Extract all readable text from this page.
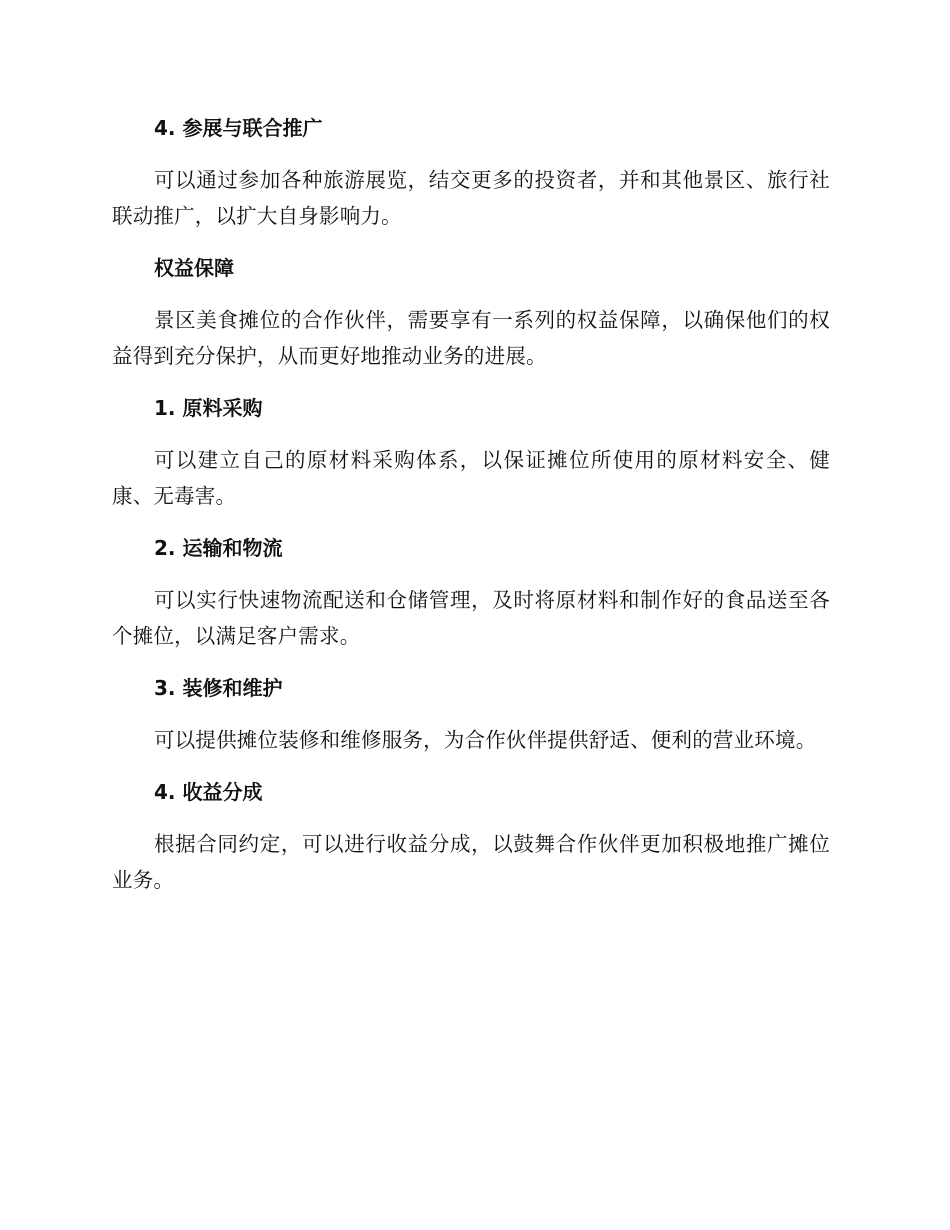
4. 参展与联合推广
可以通过参加各种旅游展览，结交更多的投资者，并和其他景区、旅行社联动推广，以扩大自身影响力。
权益保障
景区美食摊位的合作伙伴，需要享有一系列的权益保障，以确保他们的权益得到充分保护，从而更好地推动业务的进展。
1. 原料采购
可以建立自己的原材料采购体系，以保证摊位所使用的原材料安全、健康、无毒害。
2. 运输和物流
可以实行快速物流配送和仓储管理，及时将原材料和制作好的食品送至各个摊位，以满足客户需求。
3. 装修和维护
可以提供摊位装修和维修服务，为合作伙伴提供舒适、便利的营业环境。
4. 收益分成
根据合同约定，可以进行收益分成，以鼓舞合作伙伴更加积极地推广摊位业务。
